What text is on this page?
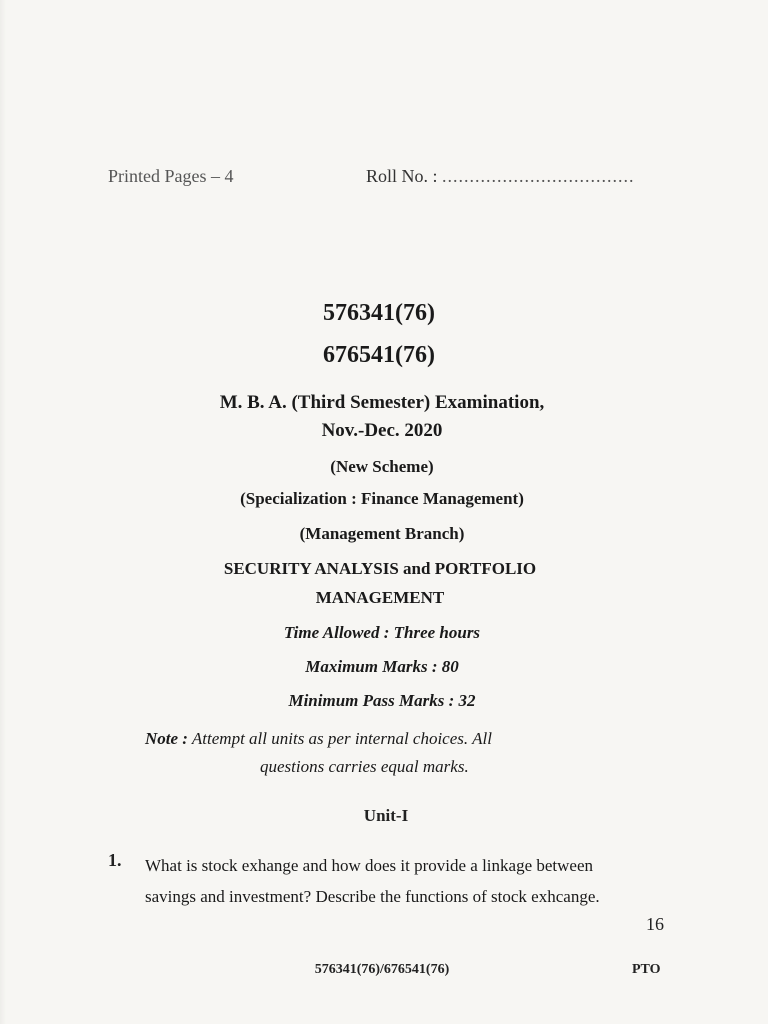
Printed Pages – 4	Roll No. : ...................................
576341(76)
676541(76)
M. B. A. (Third Semester) Examination,
Nov.-Dec. 2020
(New Scheme)
(Specialization : Finance Management)
(Management Branch)
SECURITY ANALYSIS and PORTFOLIO
MANAGEMENT
Time Allowed : Three hours
Maximum Marks : 80
Minimum Pass Marks : 32
Note : Attempt all units as per internal choices. All
questions carries equal marks.
Unit-I
1. What is stock exhange and how does it provide a linkage between savings and investment? Describe the functions of stock exhcange.
16
576341(76)/676541(76)	PTO
